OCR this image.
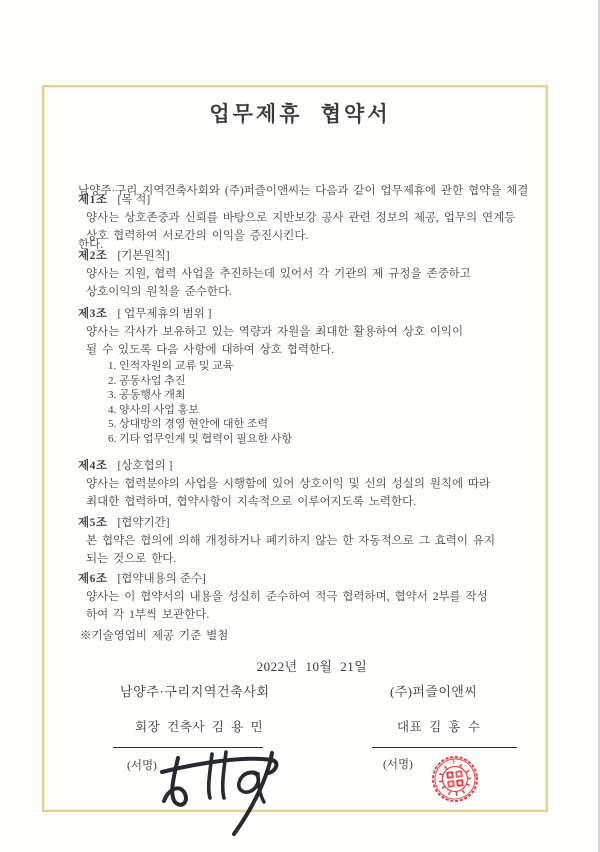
업무제휴 협약서

남양주·구리 지역건축사회와 (주)퍼즐이앤씨는 다음과 같이 업무제휴에 관한 협약을 체결

한다.

제1조 [목 적]
양사는 상호존중과 신뢰를 바탕으로 지반보강 공사 관련 정보의 제공, 업무의 연계등
상호 협력하여 서로간의 이익을 증진시킨다.
제2조 [기본원칙]
양사는 지원, 협력 사업을 추진하는데 있어서 각 기관의 제 규정을 존중하고
상호이익의 원칙을 준수한다.
제3조 [ 업무제휴의 범위 ]
양사는 각사가 보유하고 있는 역량과 자원을 최대한 활용하여 상호 이익이
될 수 있도록 다음 사항에 대하여 상호 협력한다.
1. 인적자원의 교류 및 교육
2. 공동사업 추진
3. 공동행사 개최
4. 양사의 사업 홍보
5. 상대방의 경영 현안에 대한 조력
6. 기타 업무인계 및 협력이 필요한 사항
제4조 [상호협의 ]
양사는 협력분야의 사업을 시행함에 있어 상호이익 및 신의 성실의 원칙에 따라
최대한 협력하며, 협약사항이 지속적으로 이루어지도록 노력한다.
제5조 [협약기간]
본 협약은 협의에 의해 개정하거나 폐기하지 않는 한 자동적으로 그 효력이 유지
되는 것으로 한다.
제6조 [협약내용의 준수]
양사는 이 협약서의 내용을 성실히 준수하여 적극 협력하며, 협약서 2부를 작성
하여 각 1부씩 보관한다.
※기술영업비 제공 기준 별첨
2022년 10월 21일
남양주·구리지역건축사회	(주)퍼즐이앤씨
회장 건축사 김 용 민	대표 김 홍 수
(서명)	(서명)	3
